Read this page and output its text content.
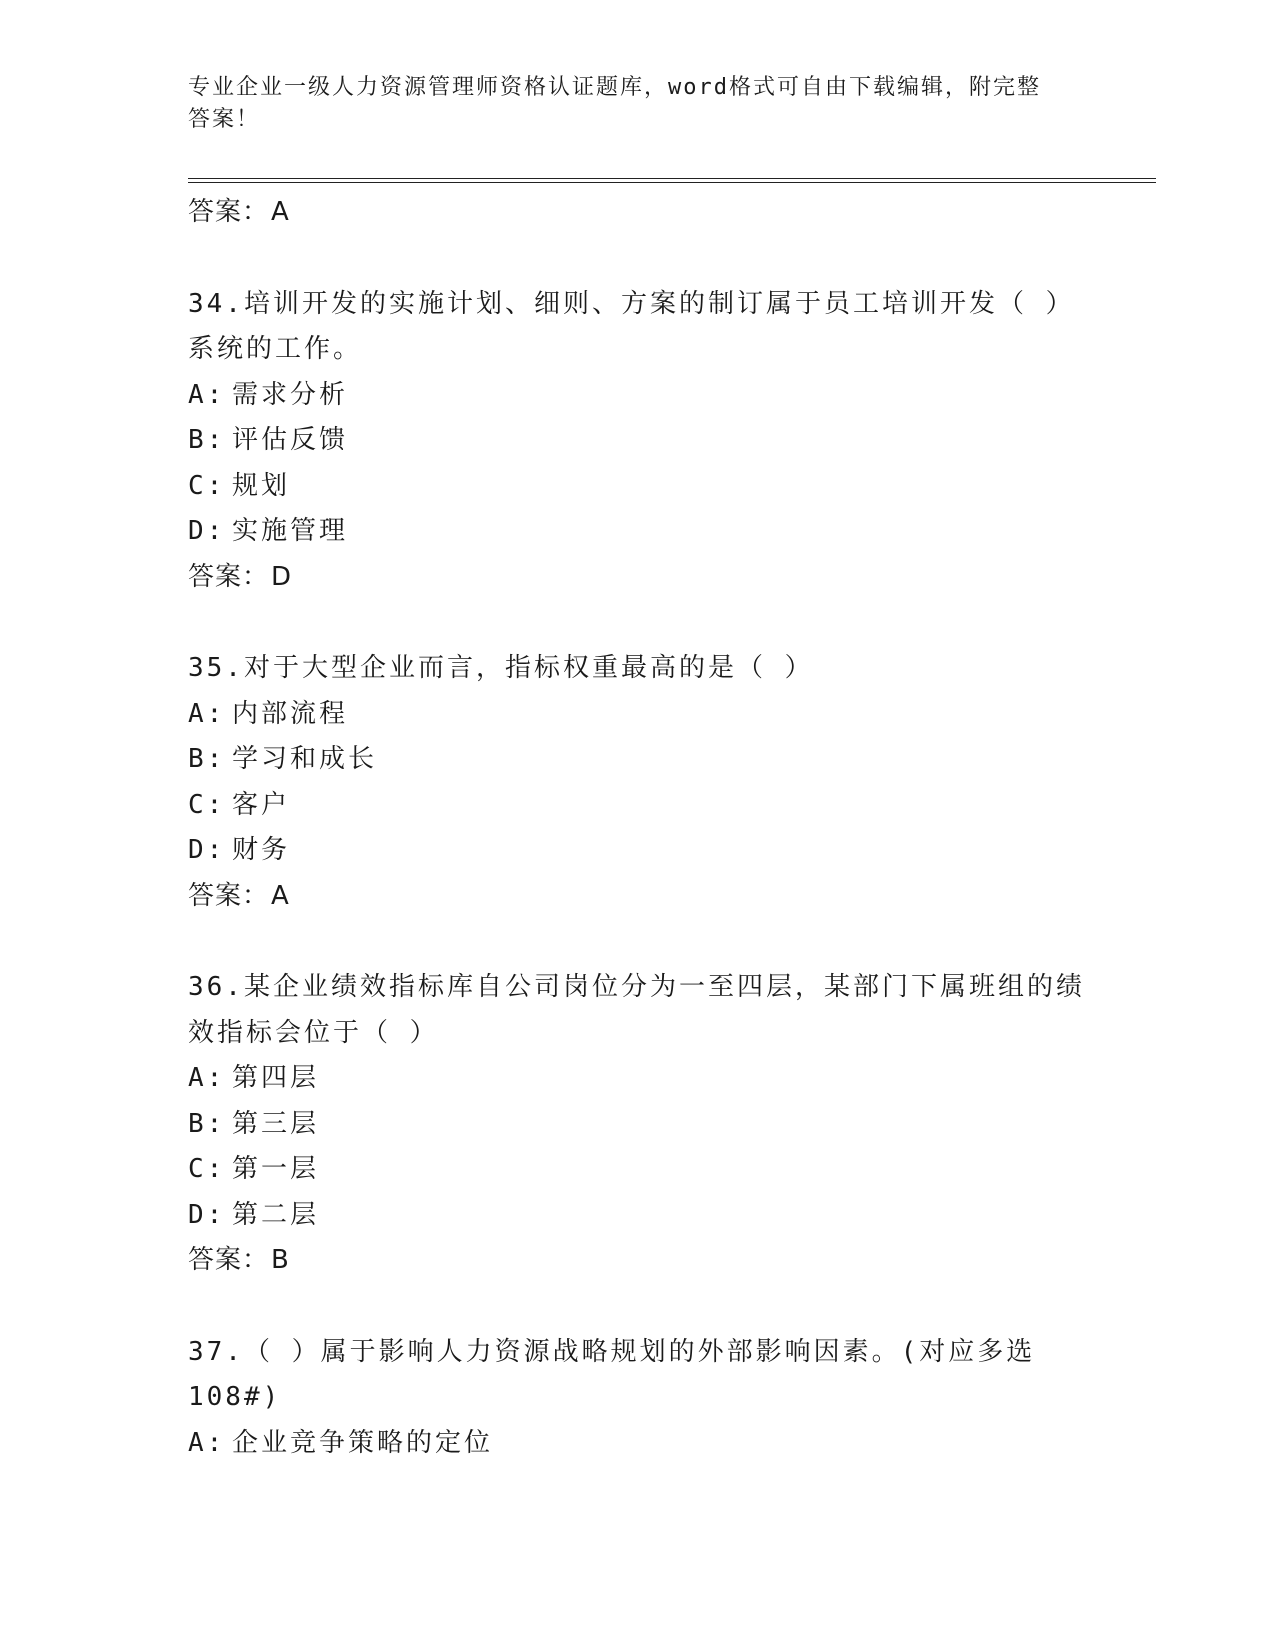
专业企业一级人力资源管理师资格认证题库，word格式可自由下载编辑，附完整
答案！
答案：A
34.培训开发的实施计划、细则、方案的制订属于员工培训开发（ ）
系统的工作。
A: 需求分析
B: 评估反馈
C: 规划
D: 实施管理
答案：D
35.对于大型企业而言，指标权重最高的是（ ）
A: 内部流程
B: 学习和成长
C: 客户
D: 财务
答案：A
36.某企业绩效指标库自公司岗位分为一至四层，某部门下属班组的绩
效指标会位于（ ）
A: 第四层
B: 第三层
C: 第一层
D: 第二层
答案：B
37.（ ）属于影响人力资源战略规划的外部影响因素。(对应多选
108#)
A: 企业竞争策略的定位
